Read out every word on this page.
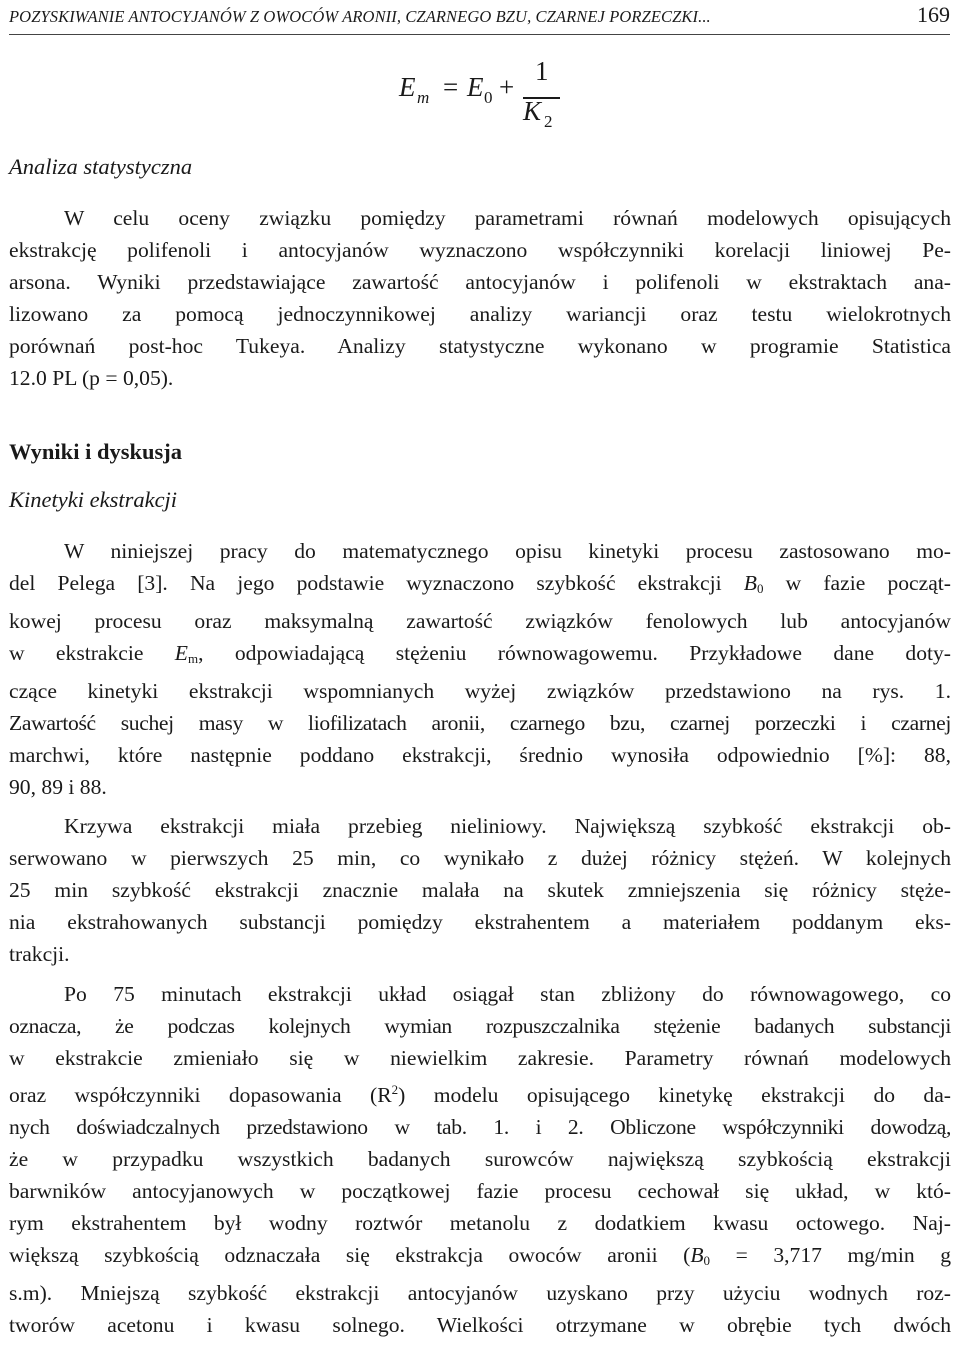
POZYSKIWANIE ANTOCYJANÓW Z OWOCÓW ARONII, CZARNEGO BZU, CZARNEJ PORZECZKI...	169
E m = E 0 +
1
K 2
Analiza statystyczna
W celu oceny związku pomiędzy parametrami równań modelowych opisujących
ekstrakcję polifenoli i antocyjanów wyznaczono współczynniki korelacji liniowej Pe-
arsona. Wyniki przedstawiające zawartość antocyjanów i polifenoli w ekstraktach ana-
lizowano za pomocą jednoczynnikowej analizy wariancji oraz testu wielokrotnych
porównań post-hoc Tukeya. Analizy statystyczne wykonano w programie Statistica
12.0 PL (p = 0,05).
Wyniki i dyskusja
Kinetyki ekstrakcji
W niniejszej pracy do matematycznego opisu kinetyki procesu zastosowano mo-
del Pelega [3]. Na jego podstawie wyznaczono szybkość ekstrakcji $B_0$ w fazie począt-
kowej procesu oraz maksymalną zawartość związków fenolowych lub antocyjanów
w ekstrakcie $E_m$, odpowiadającą stężeniu równowagowemu. Przykładowe dane doty-
czące kinetyki ekstrakcji wspomnianych wyżej związków przedstawiono na rys. 1.
Zawartość suchej masy w liofilizatach aronii, czarnego bzu, czarnej porzeczki i czarnej
marchwi, które następnie poddano ekstrakcji, średnio wynosiła odpowiednio [%]: 88,
90, 89 i 88.
Krzywa ekstrakcji miała przebieg nieliniowy. Największą szybkość ekstrakcji ob-
serwowano w pierwszych 25 min, co wynikało z dużej różnicy stężeń. W kolejnych
25 min szybkość ekstrakcji znacznie malała na skutek zmniejszenia się różnicy stęże-
nia ekstrahowanych substancji pomiędzy ekstrahentem a materiałem poddanym eks-
trakcji.
Po 75 minutach ekstrakcji układ osiągał stan zbliżony do równowagowego, co
oznacza, że podczas kolejnych wymian rozpuszczalnika stężenie badanych substancji
w ekstrakcie zmieniało się w niewielkim zakresie. Parametry równań modelowych
oraz współczynniki dopasowania $(R^2)$ modelu opisującego kinetykę ekstrakcji do da-
nych doświadczalnych przedstawiono w tab. 1. i 2. Obliczone współczynniki dowodzą,
że w przypadku wszystkich badanych surowców największą szybkością ekstrakcji
barwników antocyjanowych w początkowej fazie procesu cechował się układ, w któ-
rym ekstrahentem był wodny roztwór metanolu z dodatkiem kwasu octowego. Naj-
większą szybkością odznaczała się ekstrakcja owoców aronii ($B_0 = 3,717$ mg/min g
s.m). Mniejszą szybkość ekstrakcji antocyjanów uzyskano przy użyciu wodnych roz-
tworów acetonu i kwasu solnego. Wielkości otrzymane w obrębie tych dwóch
